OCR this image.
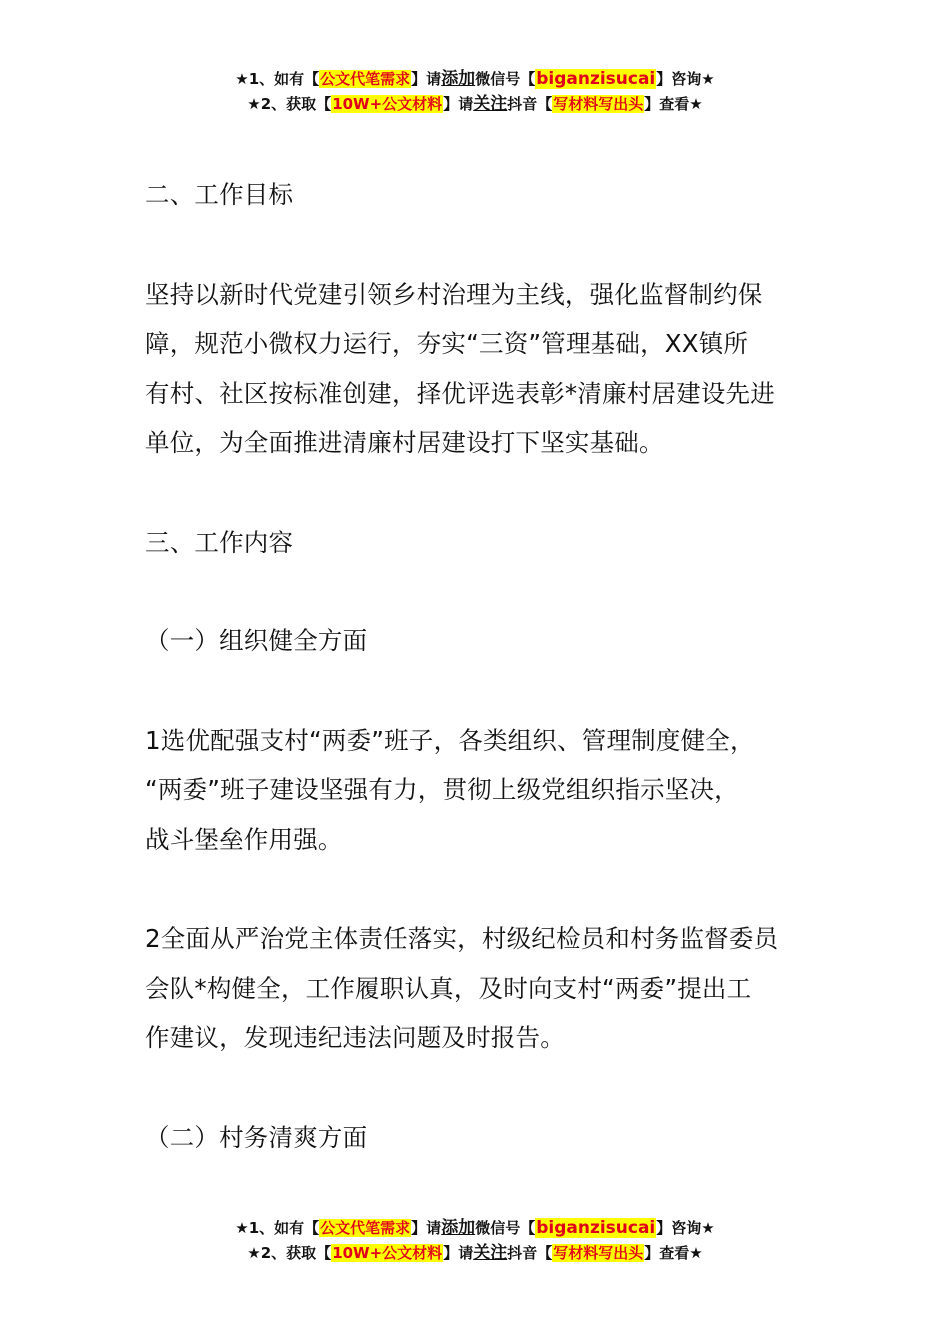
★1、如有【公文代笔需求】请添加微信号【biganzisucai】咨询★
★2、获取【10W+公文材料】请关注抖音【写材料写出头】查看★

二、工作目标

坚持以新时代党建引领乡村治理为主线，强化监督制约保

障，规范小微权力运行，夯实“三资”管理基础，XX镇所

有村、社区按标准创建，择优评选表彰*清廉村居建设先进

单位，为全面推进清廉村居建设打下坚实基础。

三、工作内容

（一）组织健全方面

1选优配强支村“两委”班子，各类组织、管理制度健全，

“两委”班子建设坚强有力，贯彻上级党组织指示坚决，

战斗堡垒作用强。

2全面从严治党主体责任落实，村级纪检员和村务监督委员

会队*构健全，工作履职认真，及时向支村“两委”提出工

作建议，发现违纪违法问题及时报告。

（二）村务清爽方面

★1、如有【公文代笔需求】请添加微信号【biganzisucai】咨询★
★2、获取【10W+公文材料】请关注抖音【写材料写出头】查看★
